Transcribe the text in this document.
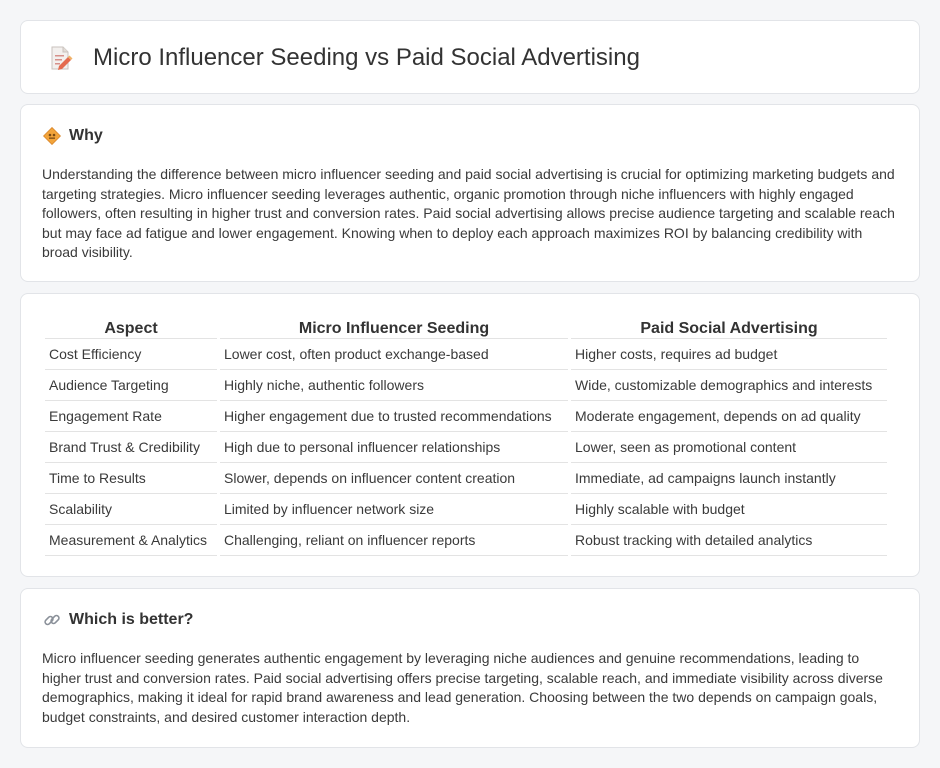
Micro Influencer Seeding vs Paid Social Advertising
Why

Understanding the difference between micro influencer seeding and paid social advertising is crucial for optimizing marketing budgets and targeting strategies. Micro influencer seeding leverages authentic, organic promotion through niche influencers with highly engaged followers, often resulting in higher trust and conversion rates. Paid social advertising allows precise audience targeting and scalable reach but may face ad fatigue and lower engagement. Knowing when to deploy each approach maximizes ROI by balancing credibility with broad visibility.

Aspect	Micro Influencer Seeding	Paid Social Advertising
Cost Efficiency	Lower cost, often product exchange-based	Higher costs, requires ad budget
Audience Targeting	Highly niche, authentic followers	Wide, customizable demographics and interests
Engagement Rate	Higher engagement due to trusted recommendations	Moderate engagement, depends on ad quality
Brand Trust & Credibility	High due to personal influencer relationships	Lower, seen as promotional content
Time to Results	Slower, depends on influencer content creation	Immediate, ad campaigns launch instantly
Scalability	Limited by influencer network size	Highly scalable with budget
Measurement & Analytics	Challenging, reliant on influencer reports	Robust tracking with detailed analytics
Which is better?

Micro influencer seeding generates authentic engagement by leveraging niche audiences and genuine recommendations, leading to higher trust and conversion rates. Paid social advertising offers precise targeting, scalable reach, and immediate visibility across diverse demographics, making it ideal for rapid brand awareness and lead generation. Choosing between the two depends on campaign goals, budget constraints, and desired customer interaction depth.
